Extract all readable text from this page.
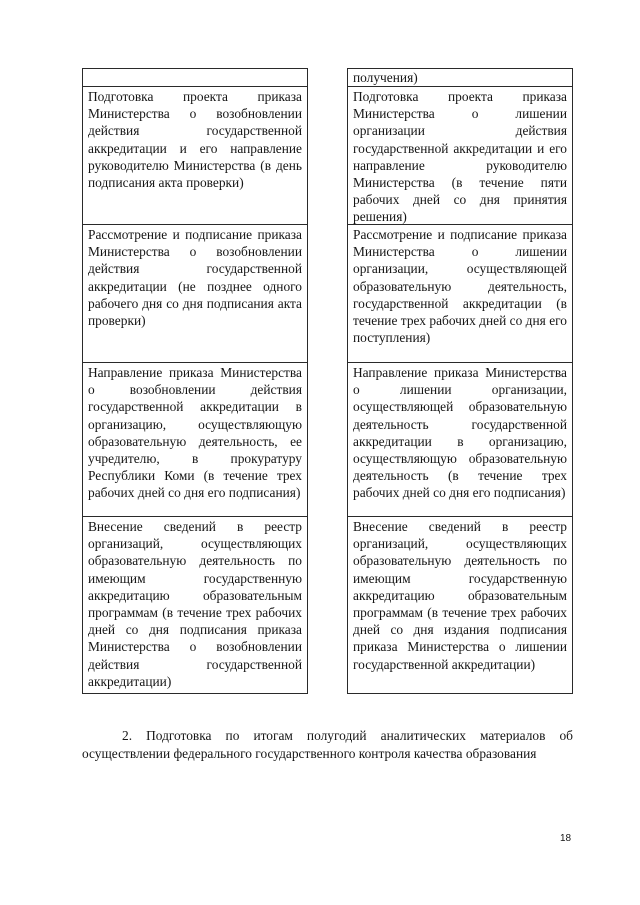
Подготовка проекта приказа Министерства о возобновлении действия государственной аккредитации и его направление руководителю Министерства (в день подписания акта проверки)
Рассмотрение и подписание приказа Министерства о возобновлении действия государственной аккредитации (не позднее одного рабочего дня со дня подписания акта проверки)
Направление приказа Министерства о возобновлении действия государственной аккредитации в организацию, осуществляющую образовательную деятельность, ее учредителю, в прокуратуру Республики Коми (в течение трех рабочих дней со дня его подписания)
Внесение сведений в реестр организаций, осуществляющих образовательную деятельность по имеющим государственную аккредитацию образовательным программам (в течение трех рабочих дней со дня подписания приказа Министерства о возобновлении действия государственной аккредитации)
получения)
Подготовка проекта приказа Министерства о лишении организации действия государственной аккредитации и его направление руководителю Министерства (в течение пяти рабочих дней со дня принятия решения)
Рассмотрение и подписание приказа Министерства о лишении организации, осуществляющей образовательную деятельность, государственной аккредитации (в течение трех рабочих дней со дня его поступления)
Направление приказа Министерства о лишении организации, осуществляющей образовательную деятельность государственной аккредитации в организацию, осуществляющую образовательную деятельность (в течение трех рабочих дней со дня его подписания)
Внесение сведений в реестр организаций, осуществляющих образовательную деятельность по имеющим государственную аккредитацию образовательным программам (в течение трех рабочих дней со дня издания подписания приказа Министерства о лишении государственной аккредитации)

2. Подготовка по итогам полугодий аналитических материалов об осуществлении федерального государственного контроля качества образования

18
